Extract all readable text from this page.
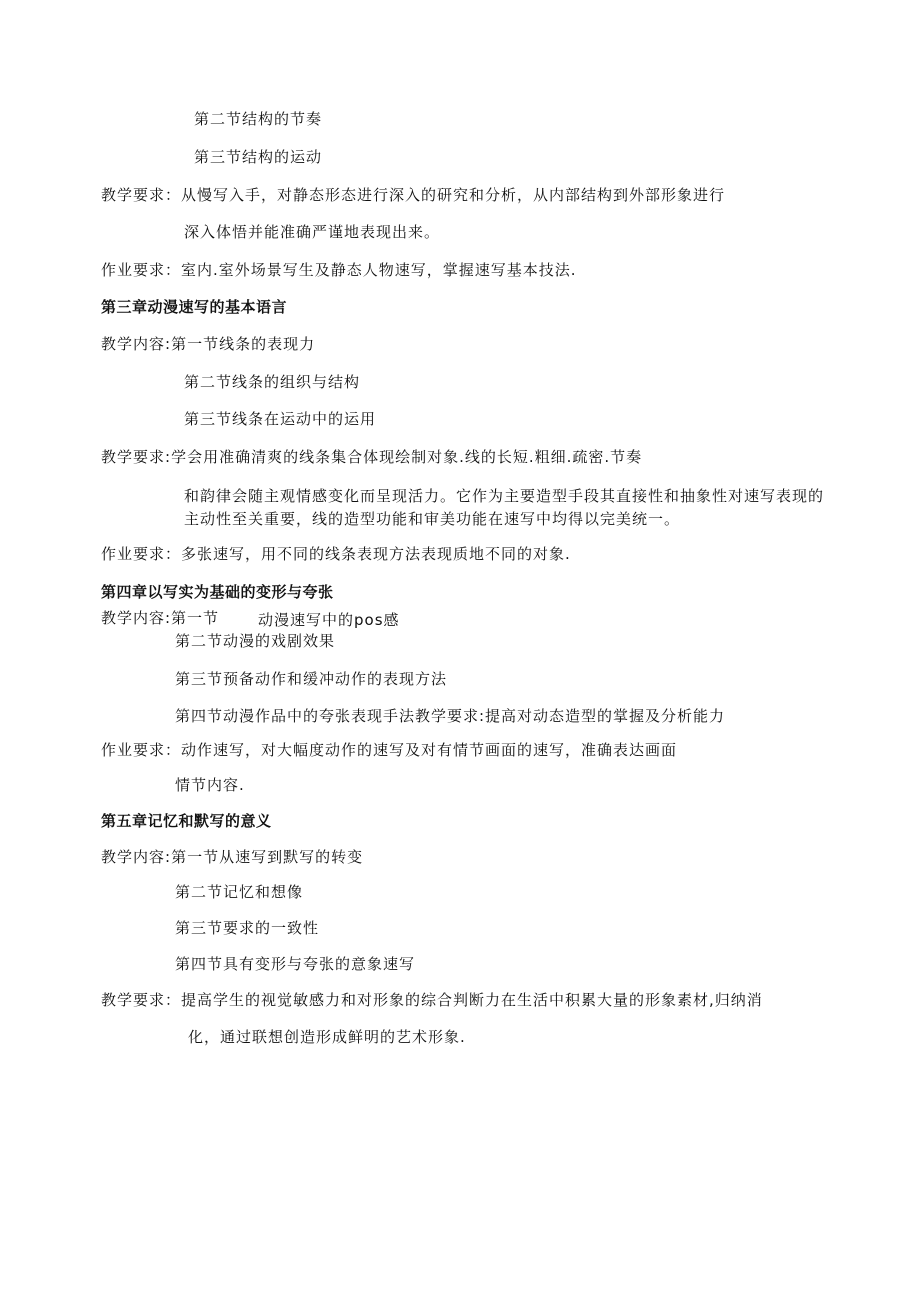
第二节结构的节奏
第三节结构的运动
教学要求：从慢写入手，对静态形态进行深入的研究和分析，从内部结构到外部形象进行
深入体悟并能准确严谨地表现出来。
作业要求：室内.室外场景写生及静态人物速写，掌握速写基本技法.
第三章动漫速写的基本语言
教学内容:第一节线条的表现力
第二节线条的组织与结构
第三节线条在运动中的运用
教学要求:学会用准确清爽的线条集合体现绘制对象.线的长短.粗细.疏密.节奏
和韵律会随主观情感变化而呈现活力。它作为主要造型手段其直接性和抽象性对速写表现的主动性至关重要，线的造型功能和审美功能在速写中均得以完美统一。
作业要求：多张速写，用不同的线条表现方法表现质地不同的对象.
第四章以写实为基础的变形与夸张
教学内容:第一节	动漫速写中的pos感
第二节动漫的戏剧效果
第三节预备动作和缓冲动作的表现方法
第四节动漫作品中的夸张表现手法教学要求:提高对动态造型的掌握及分析能力
作业要求：动作速写，对大幅度动作的速写及对有情节画面的速写，准确表达画面
情节内容.
第五章记忆和默写的意义
教学内容:第一节从速写到默写的转变
第二节记忆和想像
第三节要求的一致性
第四节具有变形与夸张的意象速写
教学要求：提高学生的视觉敏感力和对形象的综合判断力在生活中积累大量的形象素材,归纳消
化，通过联想创造形成鲜明的艺术形象.
